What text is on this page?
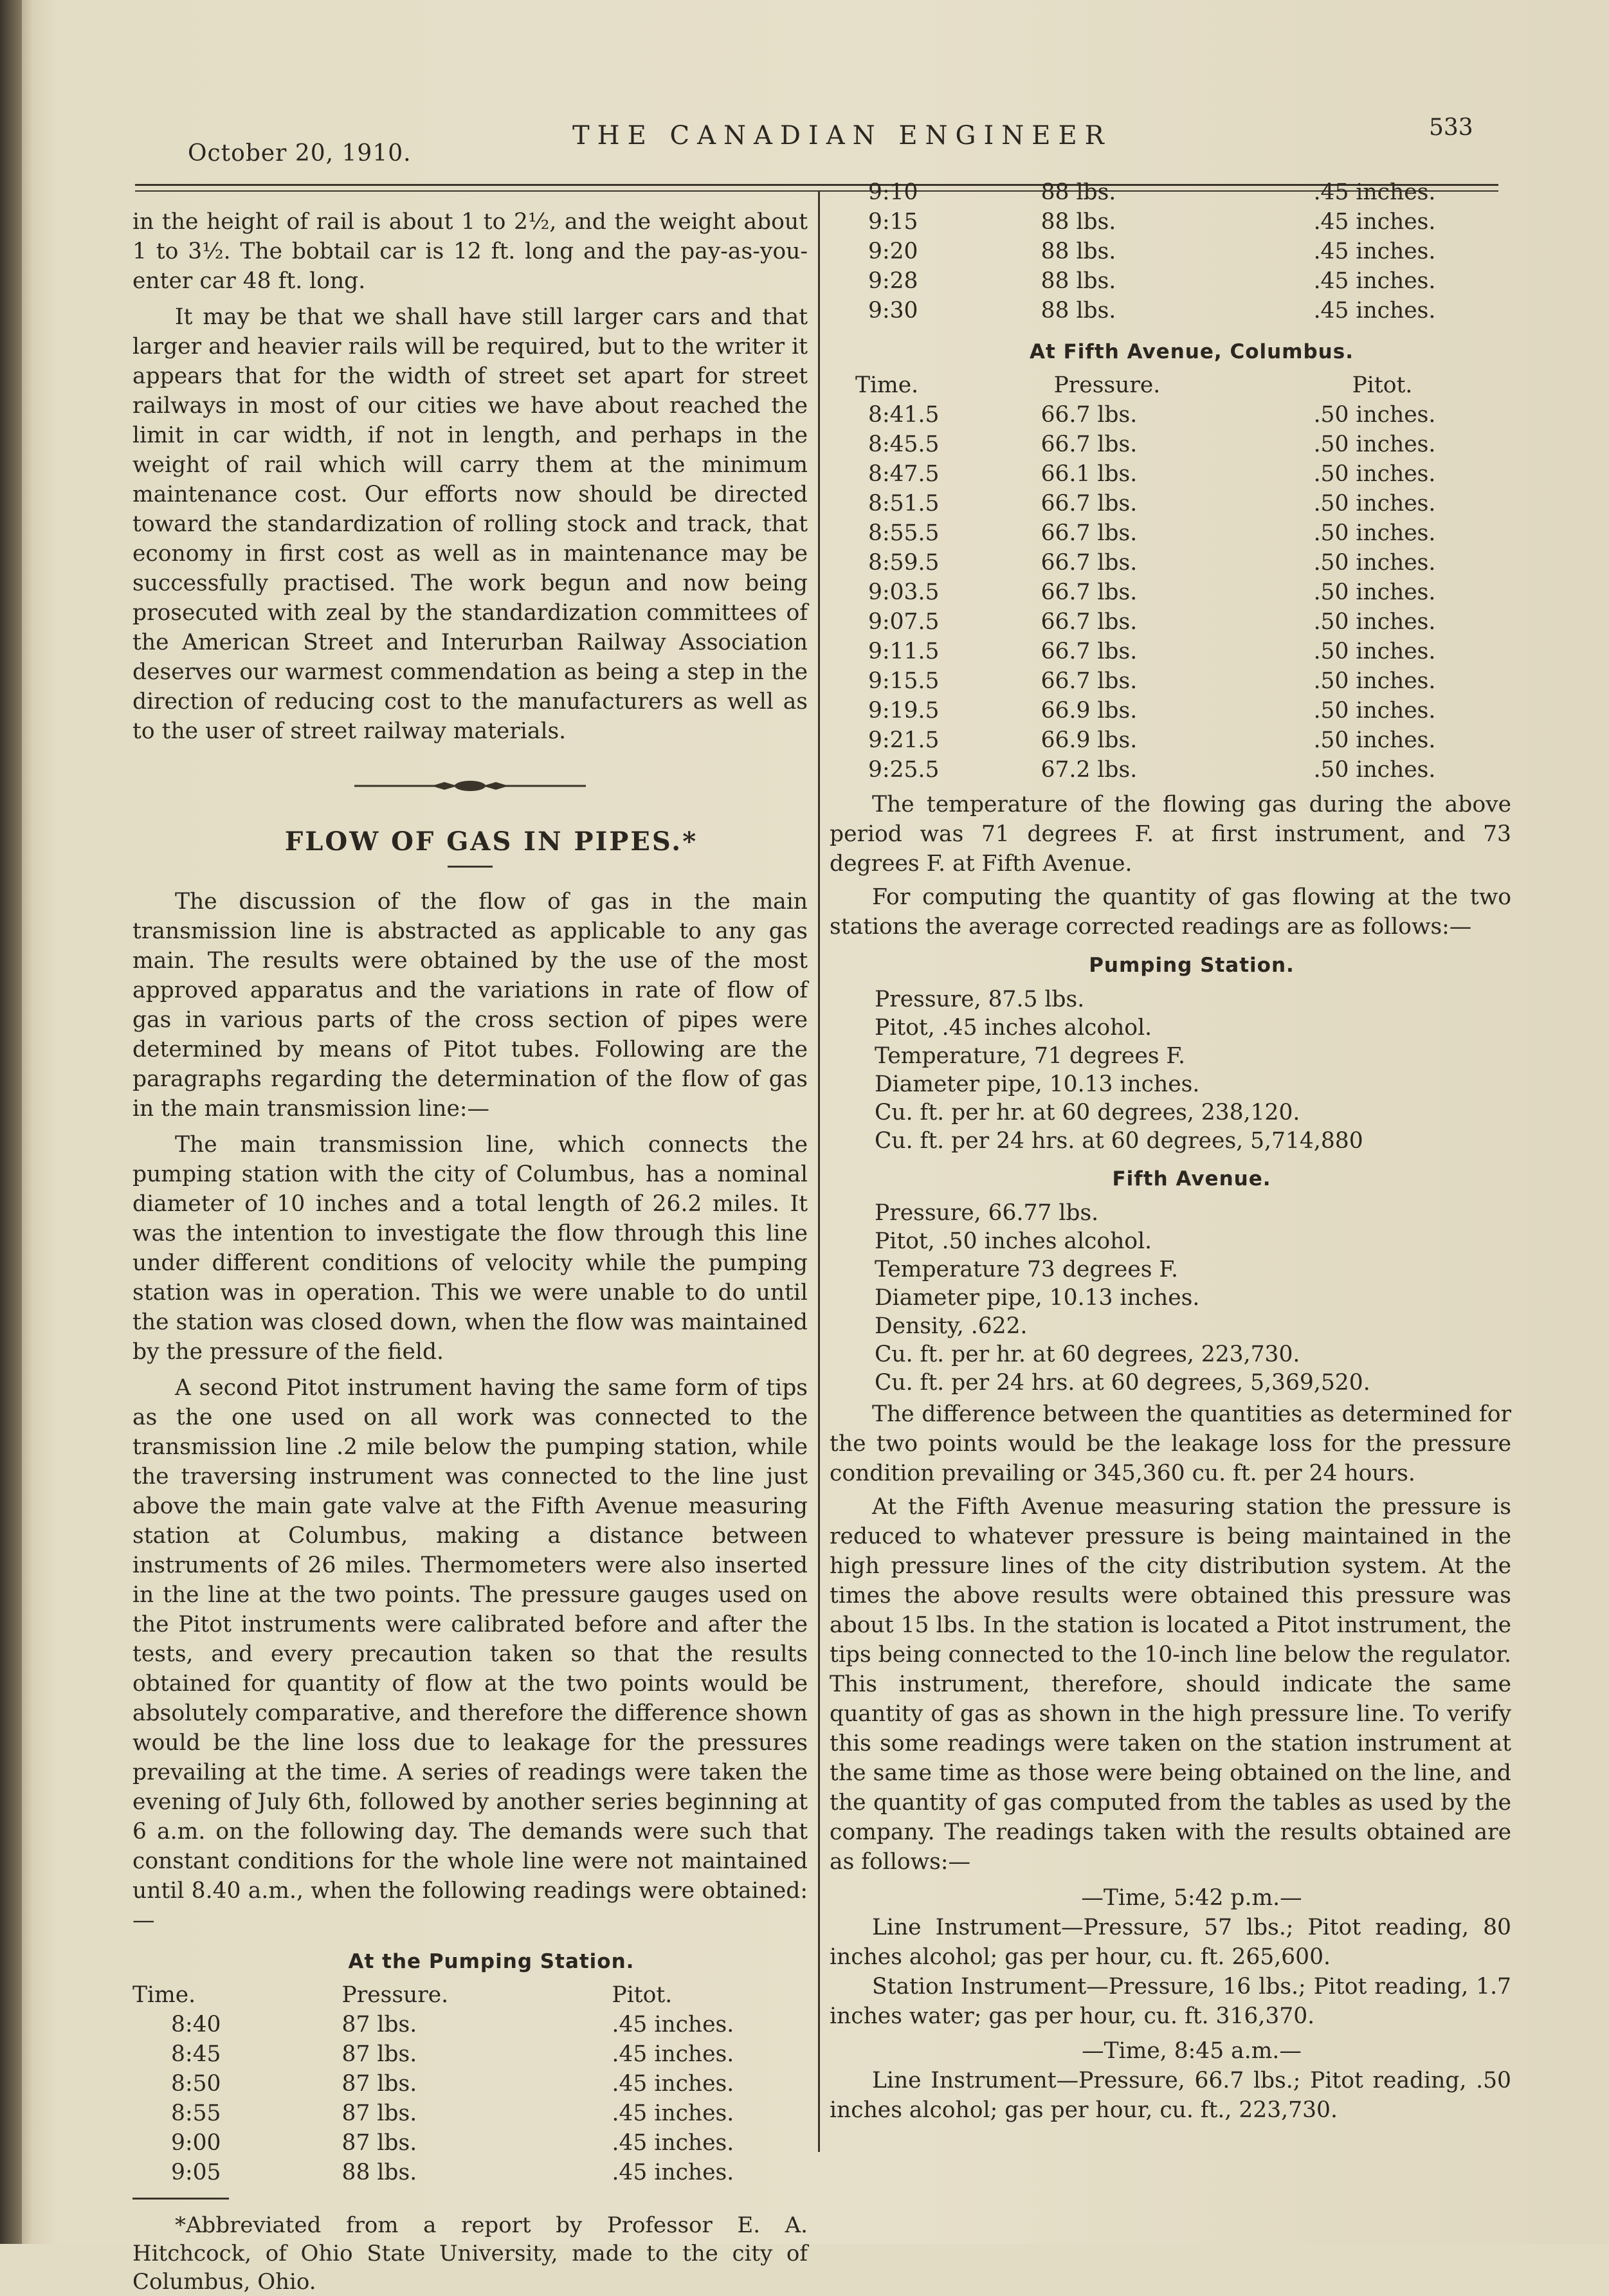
October 20, 1910.
THE CANADIAN ENGINEER	533

in the height of rail is about 1 to 2½, and the weight about 1 to 3½. The bobtail car is 12 ft. long and the pay-as-you-enter car 48 ft. long.

It may be that we shall have still larger cars and that larger and heavier rails will be required, but to the writer it appears that for the width of street set apart for street railways in most of our cities we have about reached the limit in car width, if not in length, and perhaps in the weight of rail which will carry them at the minimum maintenance cost. Our efforts now should be directed toward the standardization of rolling stock and track, that economy in first cost as well as in maintenance may be successfully practised. The work begun and now being prosecuted with zeal by the standardization committees of the American Street and Interurban Railway Association deserves our warmest commendation as being a step in the direction of reducing cost to the manufacturers as well as to the user of street railway materials.

FLOW OF GAS IN PIPES.*

The discussion of the flow of gas in the main transmission line is abstracted as applicable to any gas main. The results were obtained by the use of the most approved apparatus and the variations in rate of flow of gas in various parts of the cross section of pipes were determined by means of Pitot tubes. Following are the paragraphs regarding the determination of the flow of gas in the main transmission line:—

The main transmission line, which connects the pumping station with the city of Columbus, has a nominal diameter of 10 inches and a total length of 26.2 miles. It was the intention to investigate the flow through this line under different conditions of velocity while the pumping station was in operation. This we were unable to do until the station was closed down, when the flow was maintained by the pressure of the field.

A second Pitot instrument having the same form of tips as the one used on all work was connected to the transmission line .2 mile below the pumping station, while the traversing instrument was connected to the line just above the main gate valve at the Fifth Avenue measuring station at Columbus, making a distance between instruments of 26 miles. Thermometers were also inserted in the line at the two points. The pressure gauges used on the Pitot instruments were calibrated before and after the tests, and every precaution taken so that the results obtained for quantity of flow at the two points would be absolutely comparative, and therefore the difference shown would be the line loss due to leakage for the pressures prevailing at the time. A series of readings were taken the evening of July 6th, followed by another series beginning at 6 a.m. on the following day. The demands were such that constant conditions for the whole line were not maintained until 8.40 a.m., when the following readings were obtained:—

At the Pumping Station.

Time.	Pressure.	Pitot.
8:40	87 lbs.	.45 inches.
8:45	87 lbs.	.45 inches.
8:50	87 lbs.	.45 inches.
8:55	87 lbs.	.45 inches.
9:00	87 lbs.	.45 inches.
9:05	88 lbs.	.45 inches.

*Abbreviated from a report by Professor E. A. Hitchcock, of Ohio State University, made to the city of Columbus, Ohio.

9:10	88 lbs.	.45 inches.
9:15	88 lbs.	.45 inches.
9:20	88 lbs.	.45 inches.
9:28	88 lbs.	.45 inches.
9:30	88 lbs.	.45 inches.

At Fifth Avenue, Columbus.

Time.	Pressure.	Pitot.
8:41.5	66.7 lbs.	.50 inches.
8:45.5	66.7 lbs.	.50 inches.
8:47.5	66.1 lbs.	.50 inches.
8:51.5	66.7 lbs.	.50 inches.
8:55.5	66.7 lbs.	.50 inches.
8:59.5	66.7 lbs.	.50 inches.
9:03.5	66.7 lbs.	.50 inches.
9:07.5	66.7 lbs.	.50 inches.
9:11.5	66.7 lbs.	.50 inches.
9:15.5	66.7 lbs.	.50 inches.
9:19.5	66.9 lbs.	.50 inches.
9:21.5	66.9 lbs.	.50 inches.
9:25.5	67.2 lbs.	.50 inches.

The temperature of the flowing gas during the above period was 71 degrees F. at first instrument, and 73 degrees F. at Fifth Avenue.

For computing the quantity of gas flowing at the two stations the average corrected readings are as follows:—

Pumping Station.

Pressure, 87.5 lbs.
Pitot, .45 inches alcohol.
Temperature, 71 degrees F.
Diameter pipe, 10.13 inches.
Cu. ft. per hr. at 60 degrees, 238,120.
Cu. ft. per 24 hrs. at 60 degrees, 5,714,880

Fifth Avenue.

Pressure, 66.77 lbs.
Pitot, .50 inches alcohol.
Temperature 73 degrees F.
Diameter pipe, 10.13 inches.
Density, .622.
Cu. ft. per hr. at 60 degrees, 223,730.
Cu. ft. per 24 hrs. at 60 degrees, 5,369,520.

The difference between the quantities as determined for the two points would be the leakage loss for the pressure condition prevailing or 345,360 cu. ft. per 24 hours.

At the Fifth Avenue measuring station the pressure is reduced to whatever pressure is being maintained in the high pressure lines of the city distribution system. At the times the above results were obtained this pressure was about 15 lbs. In the station is located a Pitot instrument, the tips being connected to the 10-inch line below the regulator. This instrument, therefore, should indicate the same quantity of gas as shown in the high pressure line. To verify this some readings were taken on the station instrument at the same time as those were being obtained on the line, and the quantity of gas computed from the tables as used by the company. The readings taken with the results obtained are as follows:—

—Time, 5:42 p.m.—

Line Instrument—Pressure, 57 lbs.; Pitot reading, 80 inches alcohol; gas per hour, cu. ft. 265,600.

Station Instrument—Pressure, 16 lbs.; Pitot reading, 1.7 inches water; gas per hour, cu. ft. 316,370.

—Time, 8:45 a.m.—

Line Instrument—Pressure, 66.7 lbs.; Pitot reading, .50 inches alcohol; gas per hour, cu. ft., 223,730.
